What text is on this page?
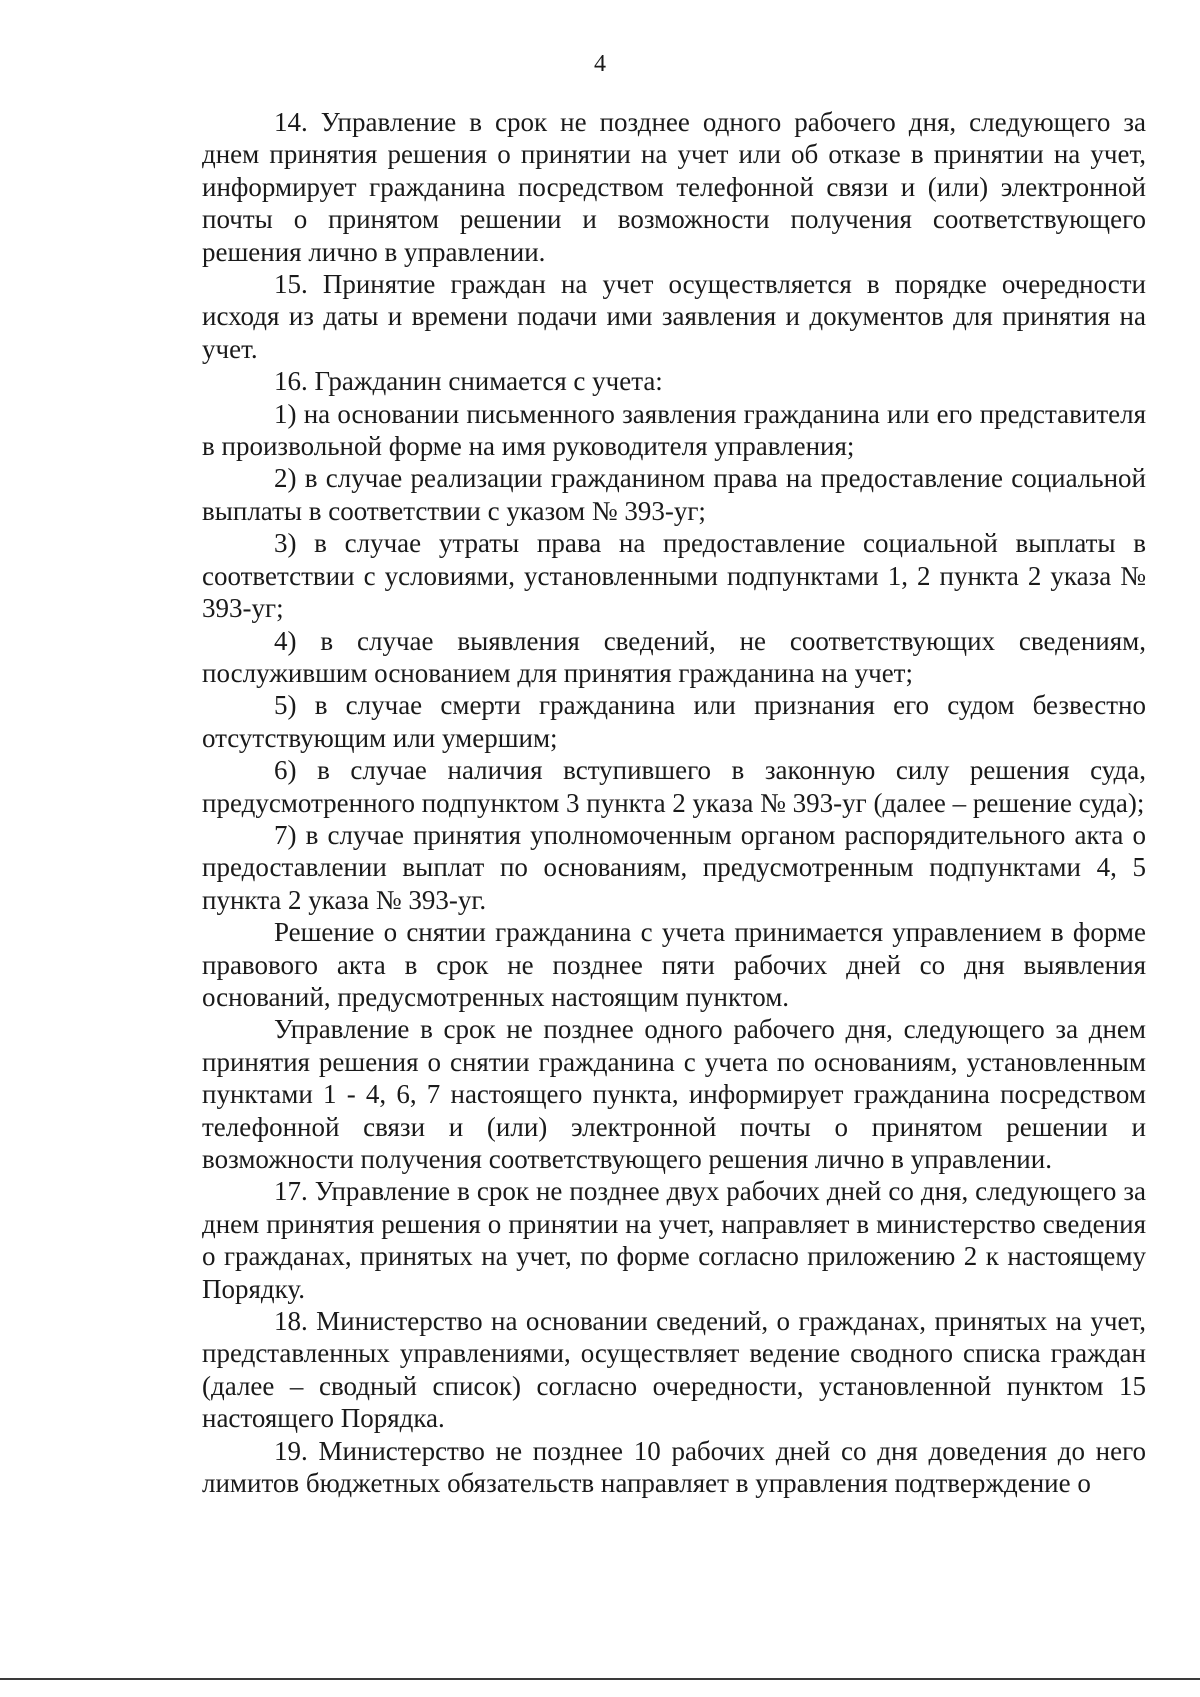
4

14. Управление в срок не позднее одного рабочего дня, следующего за днем принятия решения о принятии на учет или об отказе в принятии на учет, информирует гражданина посредством телефонной связи и (или) электронной почты о принятом решении и возможности получения соответствующего решения лично в управлении.

15. Принятие граждан на учет осуществляется в порядке очередности исходя из даты и времени подачи ими заявления и документов для принятия на учет.

16. Гражданин снимается с учета:

1) на основании письменного заявления гражданина или его представителя в произвольной форме на имя руководителя управления;

2) в случае реализации гражданином права на предоставление социальной выплаты в соответствии с указом № 393-уг;

3) в случае утраты права на предоставление социальной выплаты в соответствии с условиями, установленными подпунктами 1, 2 пункта 2 указа № 393-уг;

4) в случае выявления сведений, не соответствующих сведениям, послужившим основанием для принятия гражданина на учет;

5) в случае смерти гражданина или признания его судом безвестно отсутствующим или умершим;

6) в случае наличия вступившего в законную силу решения суда, предусмотренного подпунктом 3 пункта 2 указа № 393-уг (далее – решение суда);

7) в случае принятия уполномоченным органом распорядительного акта о предоставлении выплат по основаниям, предусмотренным подпунктами 4, 5 пункта 2 указа № 393-уг.

Решение о снятии гражданина с учета принимается управлением в форме правового акта в срок не позднее пяти рабочих дней со дня выявления оснований, предусмотренных настоящим пунктом.

Управление в срок не позднее одного рабочего дня, следующего за днем принятия решения о снятии гражданина с учета по основаниям, установленным пунктами 1 - 4, 6, 7 настоящего пункта, информирует гражданина посредством телефонной связи и (или) электронной почты о принятом решении и возможности получения соответствующего решения лично в управлении.

17. Управление в срок не позднее двух рабочих дней со дня, следующего за днем принятия решения о принятии на учет, направляет в министерство сведения о гражданах, принятых на учет, по форме согласно приложению 2 к настоящему Порядку.

18. Министерство на основании сведений, о гражданах, принятых на учет, представленных управлениями, осуществляет ведение сводного списка граждан (далее – сводный список) согласно очередности, установленной пунктом 15 настоящего Порядка.

19. Министерство не позднее 10 рабочих дней со дня доведения до него лимитов бюджетных обязательств направляет в управления подтверждение о
